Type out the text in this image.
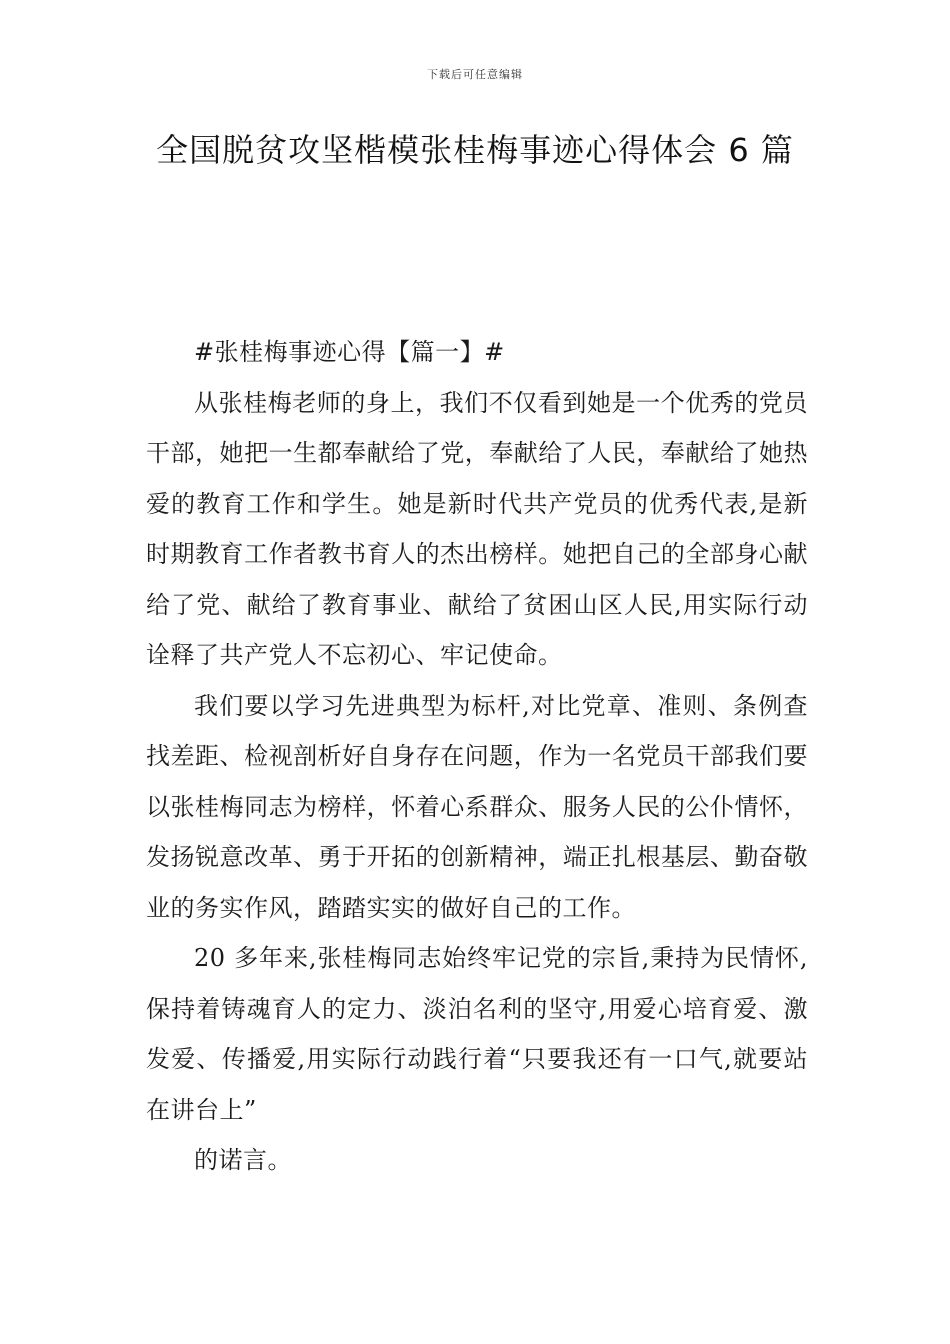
下载后可任意编辑
全国脱贫攻坚楷模张桂梅事迹心得体会 6 篇

#张桂梅事迹心得【篇一】#

从张桂梅老师的身上，我们不仅看到她是一个优秀的党员干部，她把一生都奉献给了党，奉献给了人民，奉献给了她热爱的教育工作和学生。她是新时代共产党员的优秀代表,是新时期教育工作者教书育人的杰出榜样。她把自己的全部身心献给了党、献给了教育事业、献给了贫困山区人民,用实际行动诠释了共产党人不忘初心、牢记使命。

我们要以学习先进典型为标杆,对比党章、准则、条例查找差距、检视剖析好自身存在问题，作为一名党员干部我们要以张桂梅同志为榜样，怀着心系群众、服务人民的公仆情怀，发扬锐意改革、勇于开拓的创新精神，端正扎根基层、勤奋敬业的务实作风，踏踏实实的做好自己的工作。

20 多年来,张桂梅同志始终牢记党的宗旨,秉持为民情怀,保持着铸魂育人的定力、淡泊名利的坚守,用爱心培育爱、激发爱、传播爱,用实际行动践行着“只要我还有一口气,就要站在讲台上”

的诺言。
